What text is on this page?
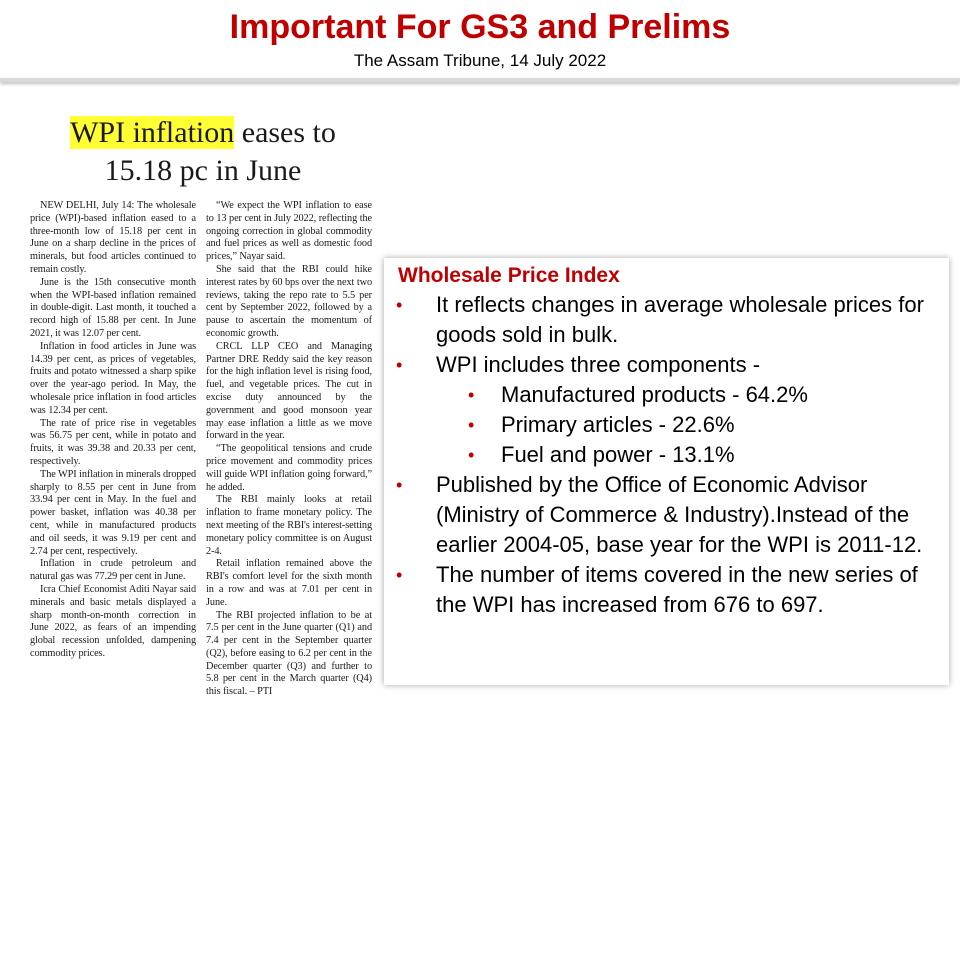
Important For GS3 and Prelims
The Assam Tribune, 14 July 2022
WPI inflation eases to
15.18 pc in June

NEW DELHI, July 14: The wholesale price (WPI)-based inflation eased to a three-month low of 15.18 per cent in June on a sharp decline in the prices of minerals, but food articles continued to remain costly.

June is the 15th consecutive month when the WPI-based inflation remained in double-digit. Last month, it touched a record high of 15.88 per cent. In June 2021, it was 12.07 per cent.

Inflation in food articles in June was 14.39 per cent, as prices of vegetables, fruits and potato witnessed a sharp spike over the year-ago period. In May, the wholesale price inflation in food articles was 12.34 per cent.

The rate of price rise in vegetables was 56.75 per cent, while in potato and fruits, it was 39.38 and 20.33 per cent, respectively.

The WPI inflation in minerals dropped sharply to 8.55 per cent in June from 33.94 per cent in May. In the fuel and power basket, inflation was 40.38 per cent, while in manufactured products and oil seeds, it was 9.19 per cent and 2.74 per cent, respectively.

Inflation in crude petroleum and natural gas was 77.29 per cent in June.

Icra Chief Economist Aditi Nayar said minerals and basic metals displayed a sharp month-on-month correction in June 2022, as fears of an impending global recession unfolded, dampening commodity prices.

“We expect the WPI inflation to ease to 13 per cent in July 2022, reflecting the ongoing correction in global commodity and fuel prices as well as domestic food prices,” Nayar said.

She said that the RBI could hike interest rates by 60 bps over the next two reviews, taking the repo rate to 5.5 per cent by September 2022, followed by a pause to ascertain the momentum of economic growth.

CRCL LLP CEO and Managing Partner DRE Reddy said the key reason for the high inflation level is rising food, fuel, and vegetable prices. The cut in excise duty announced by the government and good monsoon year may ease inflation a little as we move forward in the year.

“The geopolitical tensions and crude price movement and commodity prices will guide WPI inflation going forward,” he added.

The RBI mainly looks at retail inflation to frame monetary policy. The next meeting of the RBI's interest-setting monetary policy committee is on August 2-4.

Retail inflation remained above the RBI's comfort level for the sixth month in a row and was at 7.01 per cent in June.

The RBI projected inflation to be at 7.5 per cent in the June quarter (Q1) and 7.4 per cent in the September quarter (Q2), before easing to 6.2 per cent in the December quarter (Q3) and further to 5.8 per cent in the March quarter (Q4) this fiscal. – PTI

Wholesale Price Index
• It reflects changes in average wholesale prices for goods sold in bulk.
• WPI includes three components -
• Manufactured products - 64.2%
• Primary articles - 22.6%
• Fuel and power - 13.1%
• Published by the Office of Economic Advisor (Ministry of Commerce & Industry).Instead of the earlier 2004-05, base year for the WPI is 2011-12.
• The number of items covered in the new series of the WPI has increased from 676 to 697.
